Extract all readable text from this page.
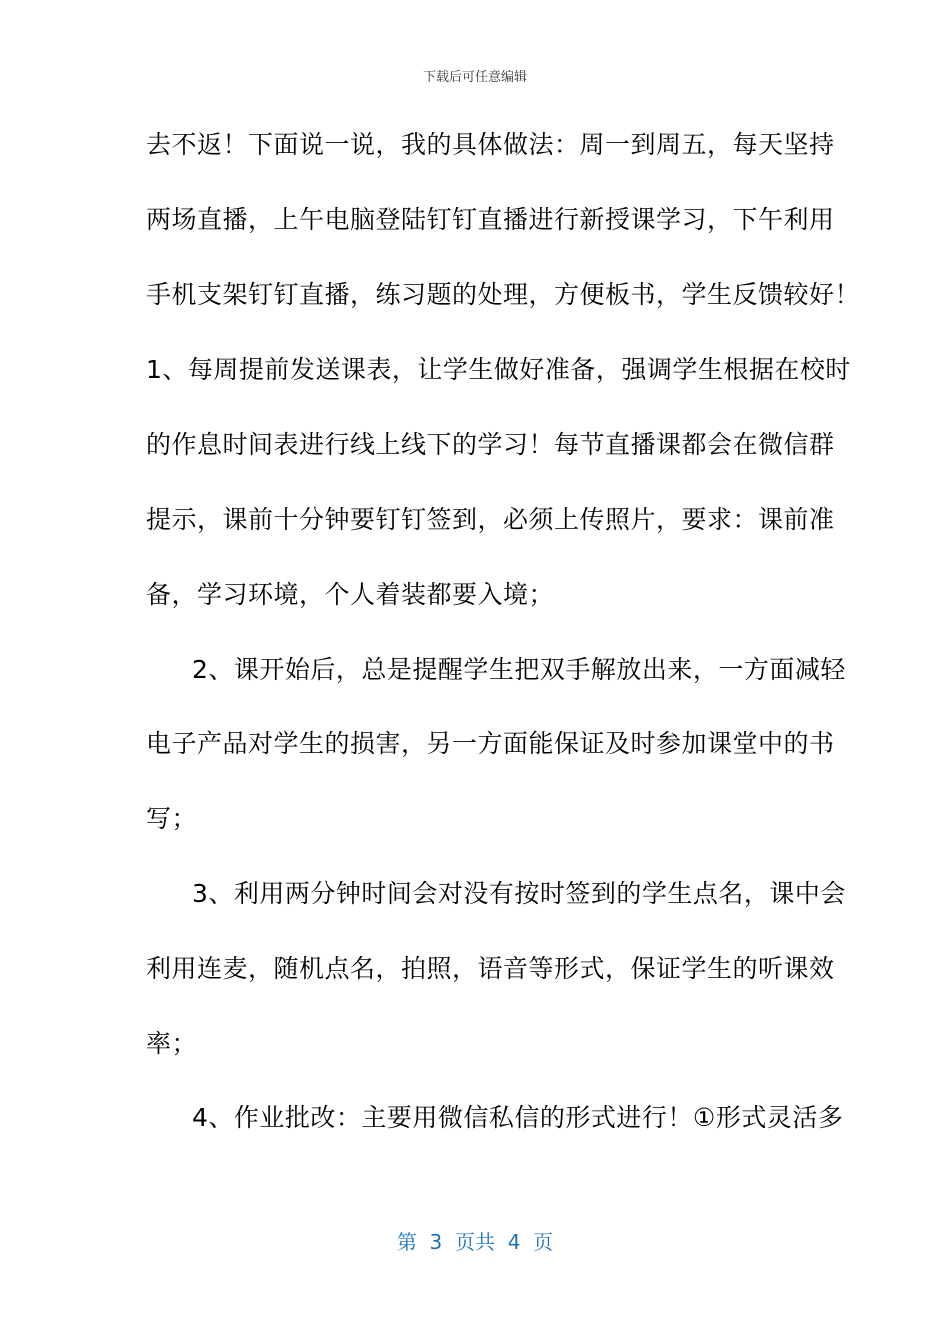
下载后可任意编辑
去不返！下面说一说，我的具体做法：周一到周五，每天坚持
两场直播，上午电脑登陆钉钉直播进行新授课学习，下午利用
手机支架钉钉直播，练习题的处理，方便板书，学生反馈较好！
1、每周提前发送课表，让学生做好准备，强调学生根据在校时
的作息时间表进行线上线下的学习！每节直播课都会在微信群
提示，课前十分钟要钉钉签到，必须上传照片，要求：课前准
备，学习环境，个人着装都要入境；
2、课开始后，总是提醒学生把双手解放出来，一方面减轻
电子产品对学生的损害，另一方面能保证及时参加课堂中的书
写；
3、利用两分钟时间会对没有按时签到的学生点名，课中会
利用连麦，随机点名，拍照，语音等形式，保证学生的听课效
率；
4、作业批改：主要用微信私信的形式进行！①形式灵活多
第  3  页共  4  页
